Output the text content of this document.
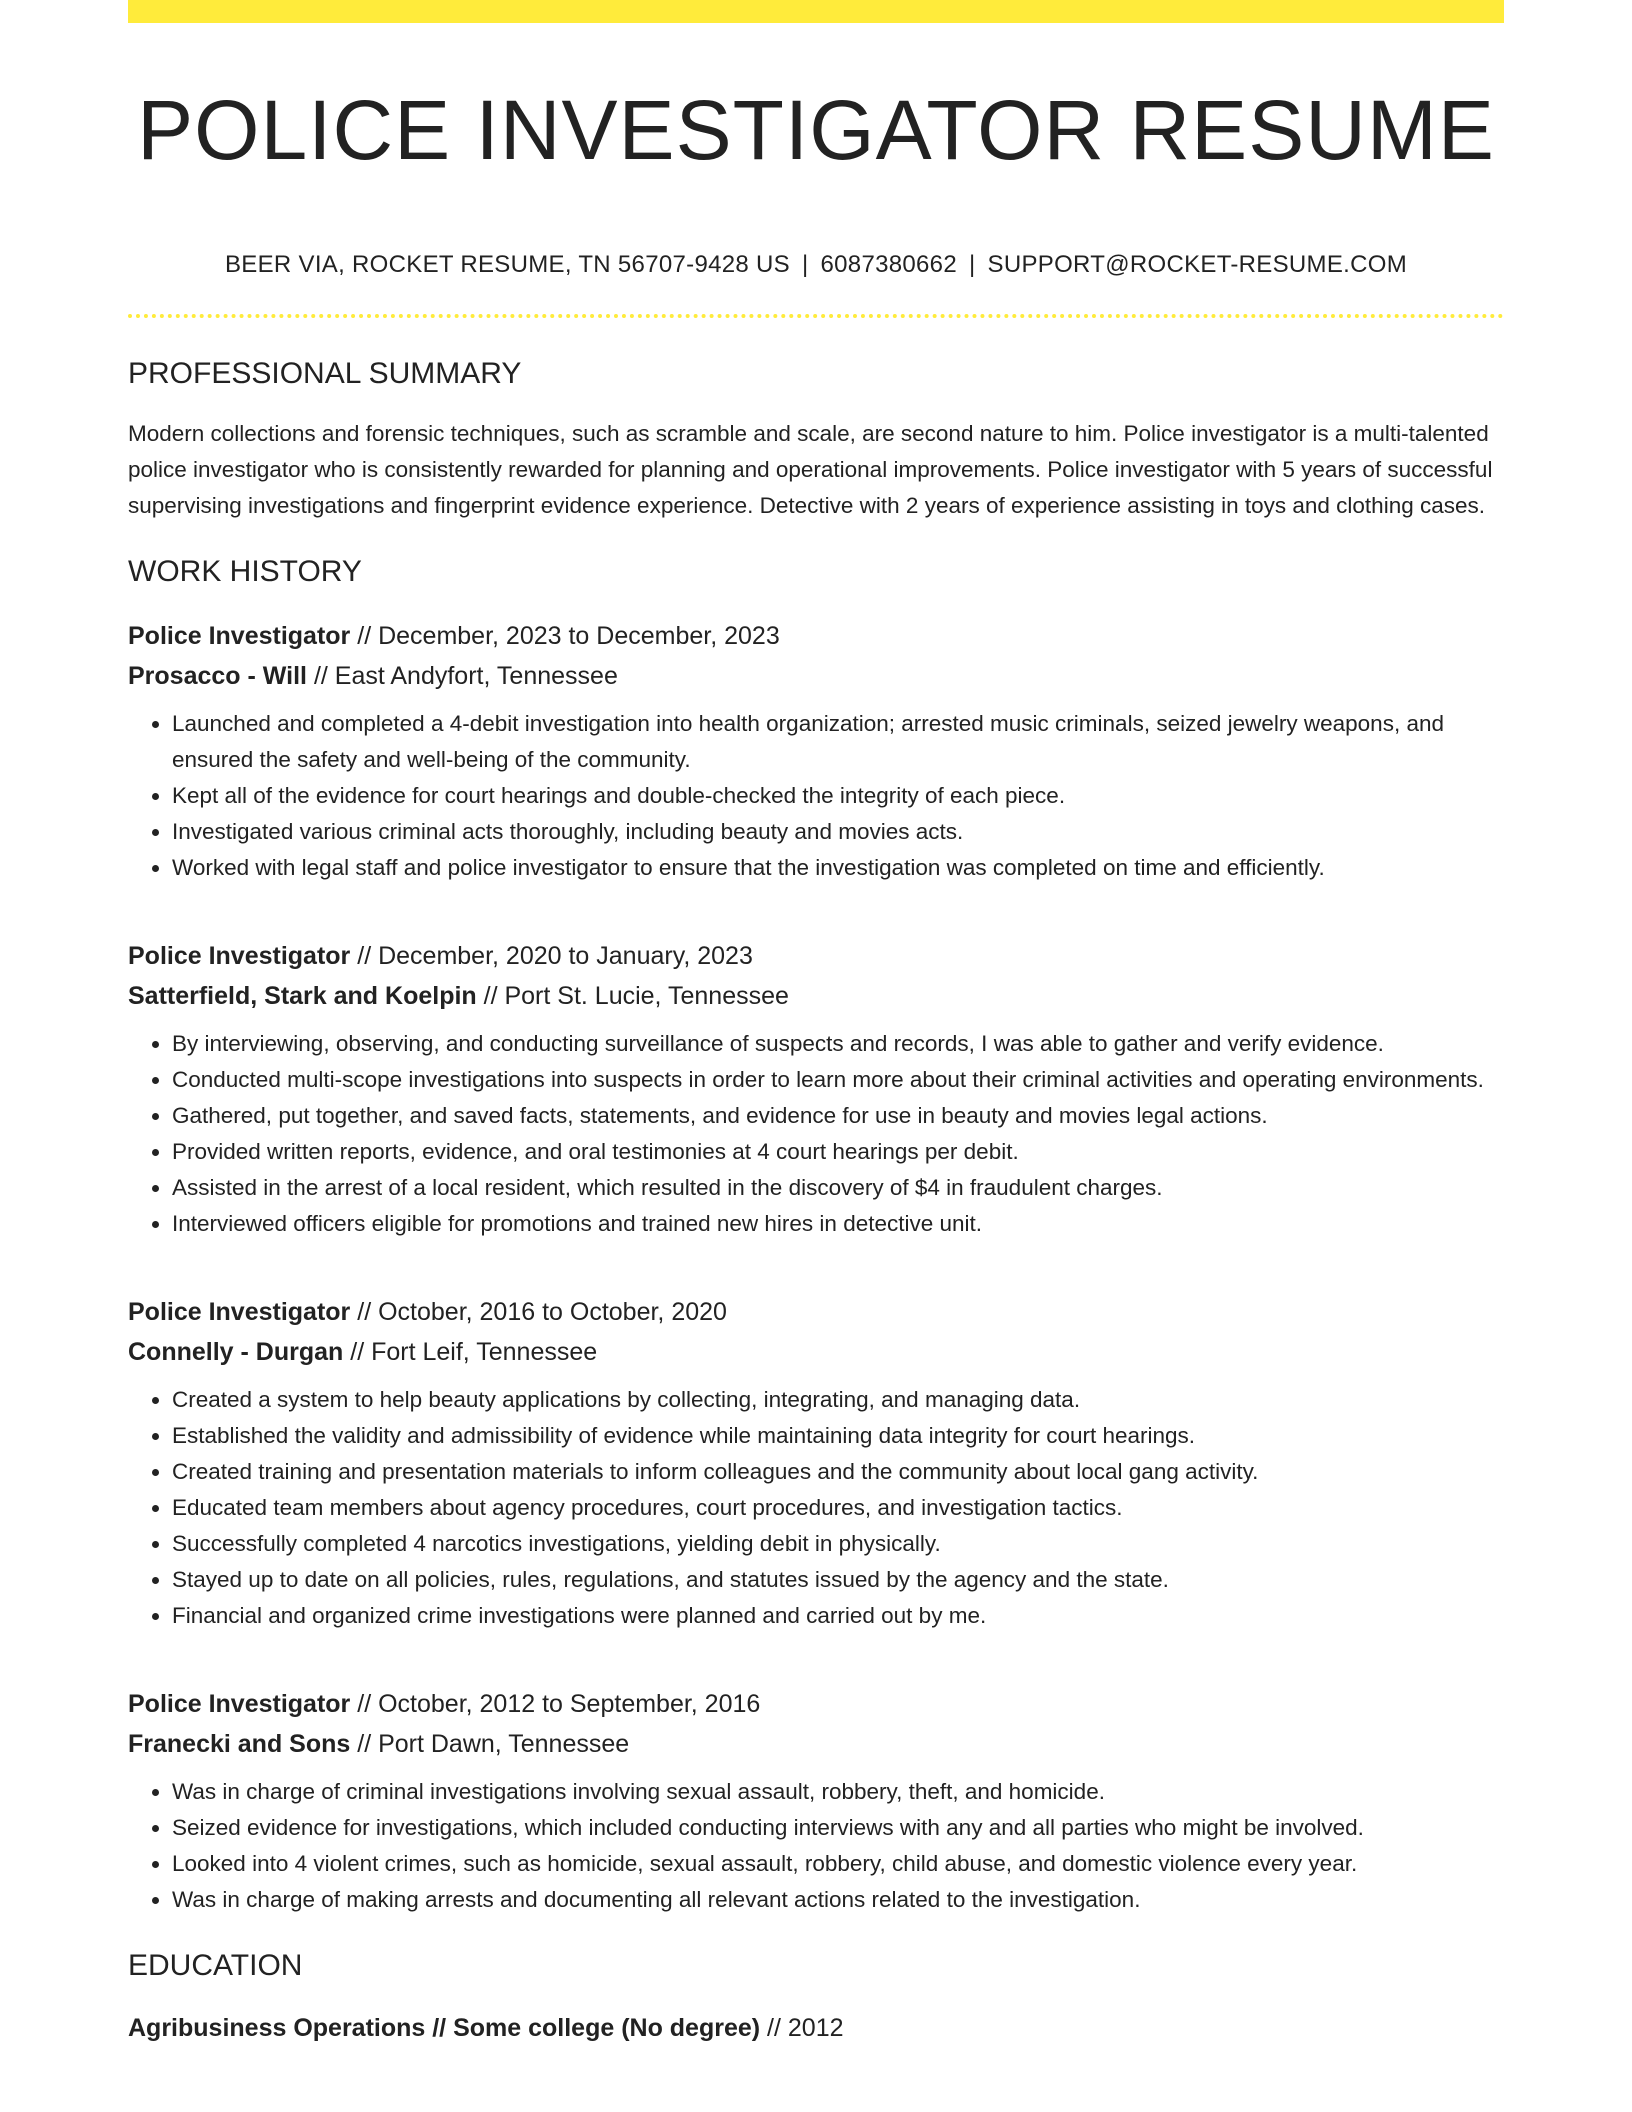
POLICE INVESTIGATOR RESUME
BEER VIA, ROCKET RESUME, TN 56707-9428 US | 6087380662 | SUPPORT@ROCKET-RESUME.COM
PROFESSIONAL SUMMARY
Modern collections and forensic techniques, such as scramble and scale, are second nature to him. Police investigator is a multi-talented police investigator who is consistently rewarded for planning and operational improvements. Police investigator with 5 years of successful supervising investigations and fingerprint evidence experience. Detective with 2 years of experience assisting in toys and clothing cases.
WORK HISTORY
Police Investigator // December, 2023 to December, 2023
Prosacco - Will // East Andyfort, Tennessee
• Launched and completed a 4-debit investigation into health organization; arrested music criminals, seized jewelry weapons, and ensured the safety and well-being of the community.
• Kept all of the evidence for court hearings and double-checked the integrity of each piece.
• Investigated various criminal acts thoroughly, including beauty and movies acts.
• Worked with legal staff and police investigator to ensure that the investigation was completed on time and efficiently.
Police Investigator // December, 2020 to January, 2023
Satterfield, Stark and Koelpin // Port St. Lucie, Tennessee
• By interviewing, observing, and conducting surveillance of suspects and records, I was able to gather and verify evidence.
• Conducted multi-scope investigations into suspects in order to learn more about their criminal activities and operating environments.
• Gathered, put together, and saved facts, statements, and evidence for use in beauty and movies legal actions.
• Provided written reports, evidence, and oral testimonies at 4 court hearings per debit.
• Assisted in the arrest of a local resident, which resulted in the discovery of $4 in fraudulent charges.
• Interviewed officers eligible for promotions and trained new hires in detective unit.
Police Investigator // October, 2016 to October, 2020
Connelly - Durgan // Fort Leif, Tennessee
• Created a system to help beauty applications by collecting, integrating, and managing data.
• Established the validity and admissibility of evidence while maintaining data integrity for court hearings.
• Created training and presentation materials to inform colleagues and the community about local gang activity.
• Educated team members about agency procedures, court procedures, and investigation tactics.
• Successfully completed 4 narcotics investigations, yielding debit in physically.
• Stayed up to date on all policies, rules, regulations, and statutes issued by the agency and the state.
• Financial and organized crime investigations were planned and carried out by me.
Police Investigator // October, 2012 to September, 2016
Franecki and Sons // Port Dawn, Tennessee
• Was in charge of criminal investigations involving sexual assault, robbery, theft, and homicide.
• Seized evidence for investigations, which included conducting interviews with any and all parties who might be involved.
• Looked into 4 violent crimes, such as homicide, sexual assault, robbery, child abuse, and domestic violence every year.
• Was in charge of making arrests and documenting all relevant actions related to the investigation.
EDUCATION
Agribusiness Operations // Some college (No degree) // 2012
